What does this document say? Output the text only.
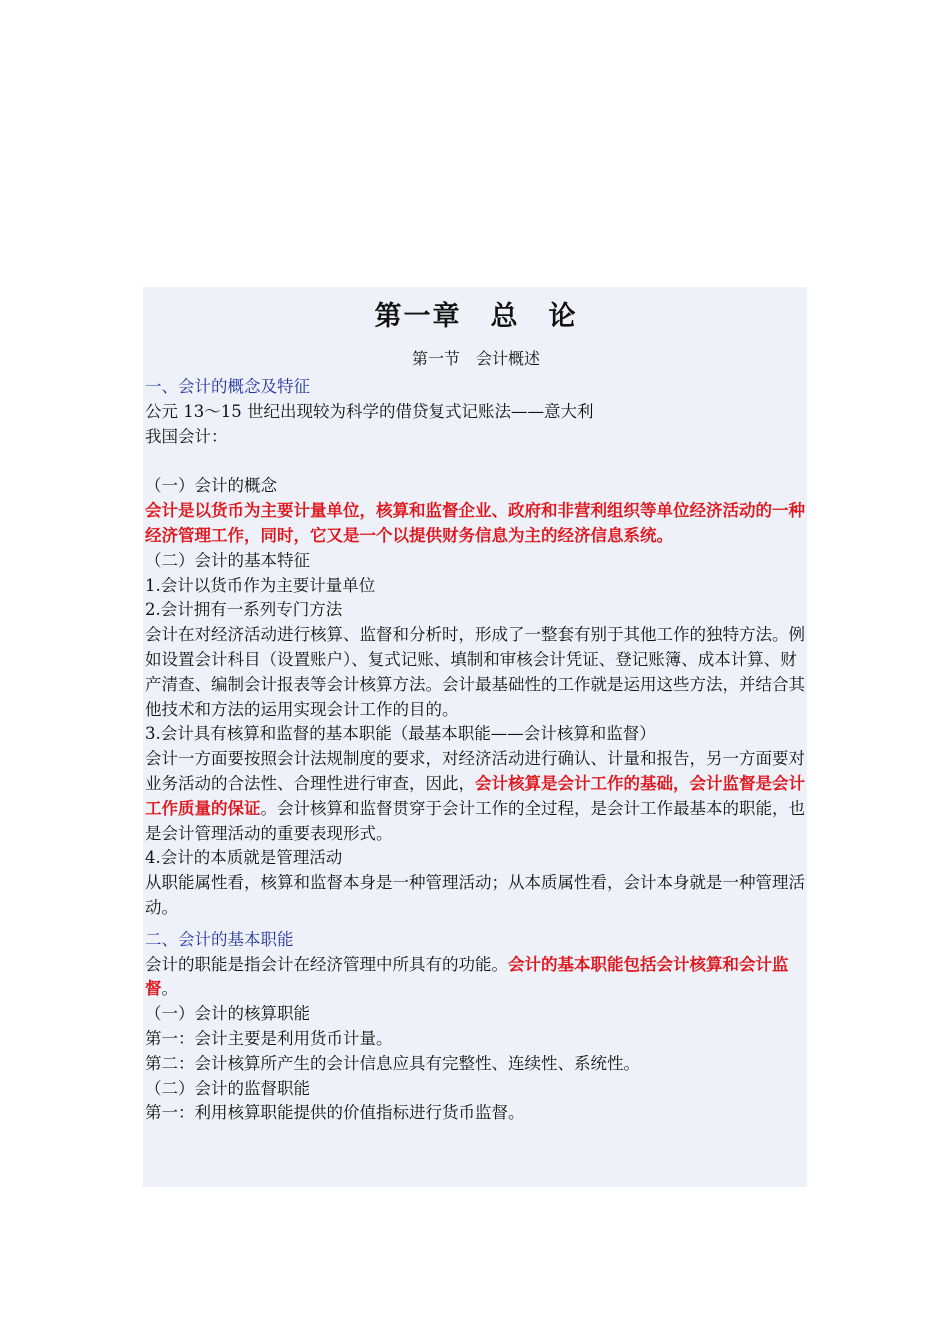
第一章　总　论
第一节　会计概述

一、会计的概念及特征

公元 13～15 世纪出现较为科学的借贷复式记账法——意大利

我国会计：

（一）会计的概念

会计是以货币为主要计量单位，核算和监督企业、政府和非营利组织等单位经济活动的一种经济管理工作，同时，它又是一个以提供财务信息为主的经济信息系统。

（二）会计的基本特征

1.会计以货币作为主要计量单位

2.会计拥有一系列专门方法

会计在对经济活动进行核算、监督和分析时，形成了一整套有别于其他工作的独特方法。例如设置会计科目（设置账户）、复式记账、填制和审核会计凭证、登记账簿、成本计算、财产清查、编制会计报表等会计核算方法。会计最基础性的工作就是运用这些方法，并结合其他技术和方法的运用实现会计工作的目的。

3.会计具有核算和监督的基本职能（最基本职能——会计核算和监督）

会计一方面要按照会计法规制度的要求，对经济活动进行确认、计量和报告，另一方面要对业务活动的合法性、合理性进行审查，因此，会计核算是会计工作的基础，会计监督是会计工作质量的保证。会计核算和监督贯穿于会计工作的全过程，是会计工作最基本的职能，也是会计管理活动的重要表现形式。

4.会计的本质就是管理活动

从职能属性看，核算和监督本身是一种管理活动；从本质属性看，会计本身就是一种管理活动。

二、会计的基本职能

会计的职能是指会计在经济管理中所具有的功能。会计的基本职能包括会计核算和会计监督。

（一）会计的核算职能

第一：会计主要是利用货币计量。

第二：会计核算所产生的会计信息应具有完整性、连续性、系统性。

（二）会计的监督职能

第一：利用核算职能提供的价值指标进行货币监督。
